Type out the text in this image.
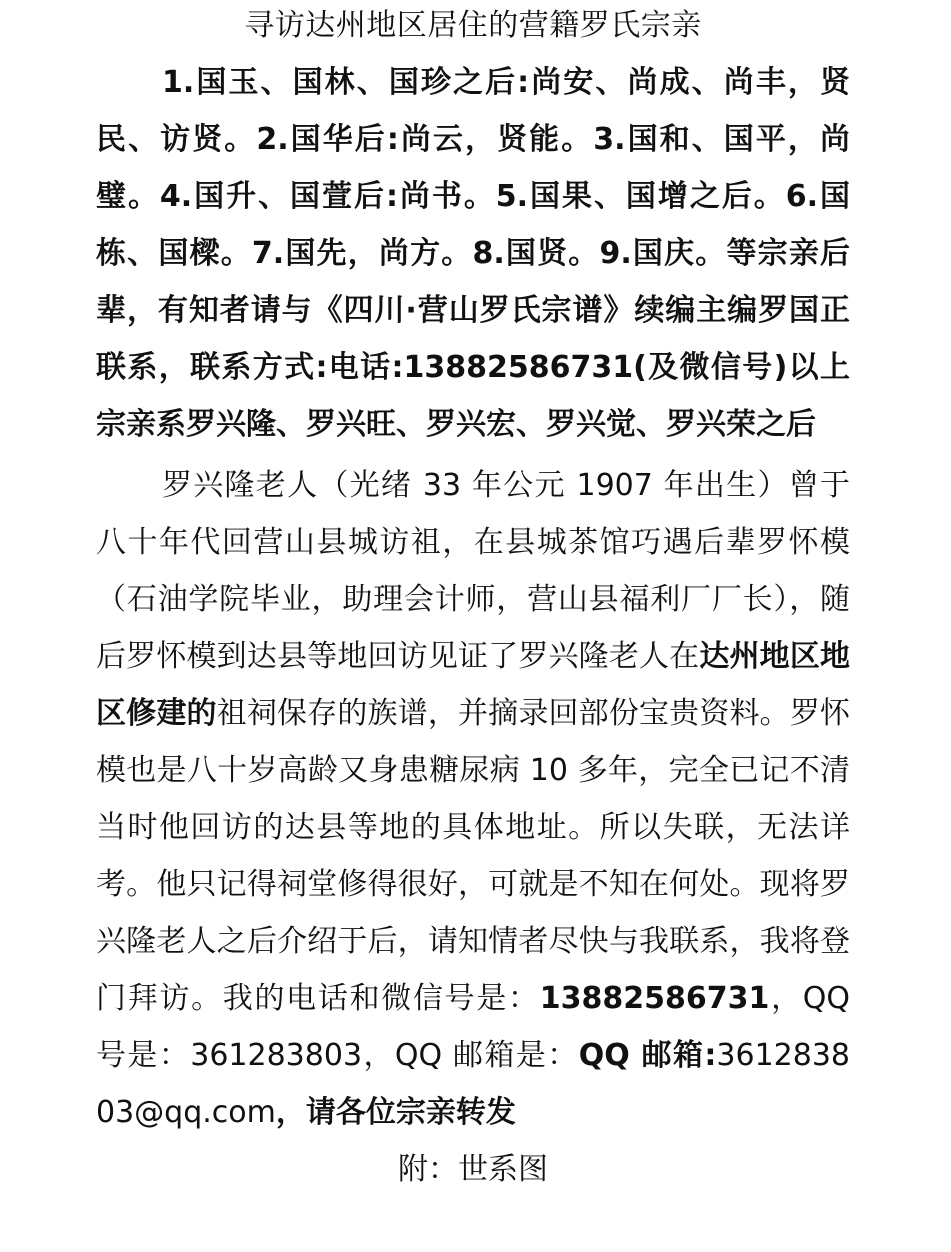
寻访达州地区居住的营籍罗氏宗亲

1.国玉、国林、国珍之后:尚安、尚成、尚丰，贤民、访贤。2.国华后:尚云，贤能。3.国和、国平，尚璧。4.国升、国萱后:尚书。5.国果、国增之后。6.国栋、国樑。7.国先，尚方。8.国贤。9.国庆。等宗亲后辈，有知者请与《四川·营山罗氏宗谱》续编主编罗国正联系，联系方式:电话:13882586731(及微信号)以上宗亲系罗兴隆、罗兴旺、罗兴宏、罗兴觉、罗兴荣之后

罗兴隆老人（光绪 33 年公元 1907 年出生）曾于八十年代回营山县城访祖，在县城茶馆巧遇后辈罗怀模（石油学院毕业，助理会计师，营山县福利厂厂长），随后罗怀模到达县等地回访见证了罗兴隆老人在达州地区地区修建的祖祠保存的族谱，并摘录回部份宝贵资料。罗怀模也是八十岁高龄又身患糖尿病 10 多年，完全已记不清当时他回访的达县等地的具体地址。所以失联，无法详考。他只记得祠堂修得很好，可就是不知在何处。现将罗兴隆老人之后介绍于后，请知情者尽快与我联系，我将登门拜访。我的电话和微信号是：13882586731，QQ 号是：361283803，QQ 邮箱是：QQ 邮箱:361283803@qq.com，请各位宗亲转发

附：世系图
